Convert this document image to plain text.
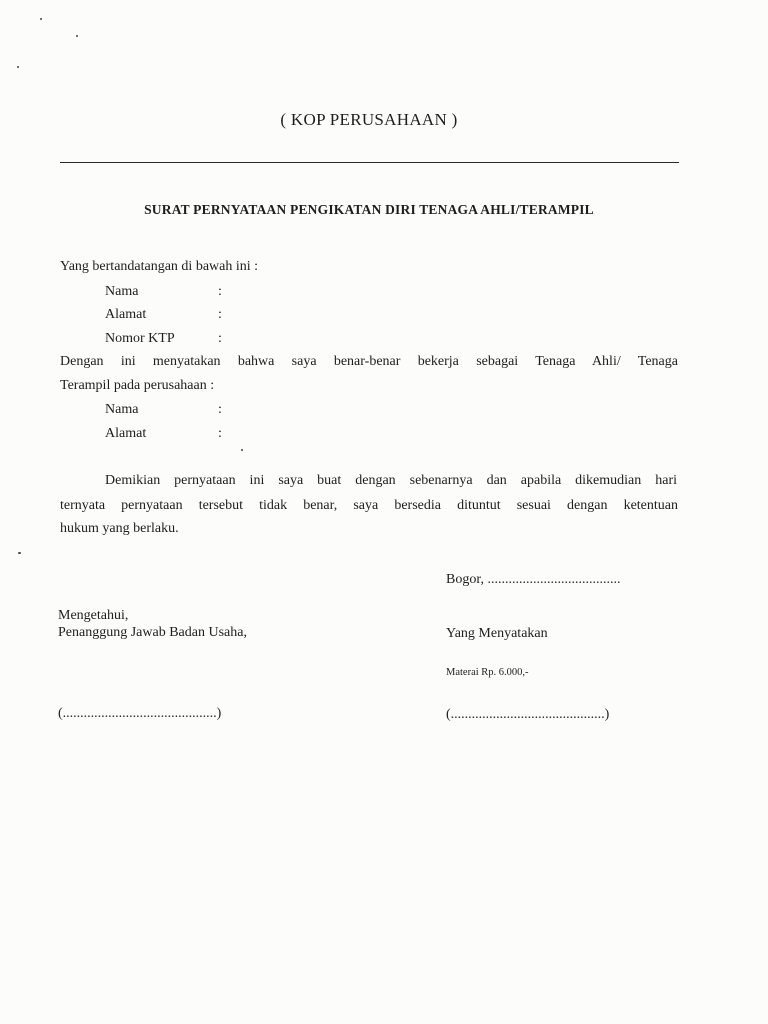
( KOP PERUSAHAAN )
SURAT PERNYATAAN PENGIKATAN DIRI TENAGA AHLI/TERAMPIL
Yang bertandatangan di bawah ini :
Nama	:
Alamat	:
Nomor KTP	:
Dengan ini menyatakan bahwa saya benar-benar bekerja sebagai Tenaga Ahli/ Tenaga
Terampil pada perusahaan :
Nama	:
Alamat	:
Demikian pernyataan ini saya buat dengan sebenarnya dan apabila dikemudian hari
ternyata pernyataan tersebut tidak benar, saya bersedia dituntut sesuai dengan ketentuan
hukum yang berlaku.
Bogor, ......................................
Mengetahui,
Penanggung Jawab Badan Usaha,
(............................................)
Yang Menyatakan
Materai Rp. 6.000,-
(............................................)
